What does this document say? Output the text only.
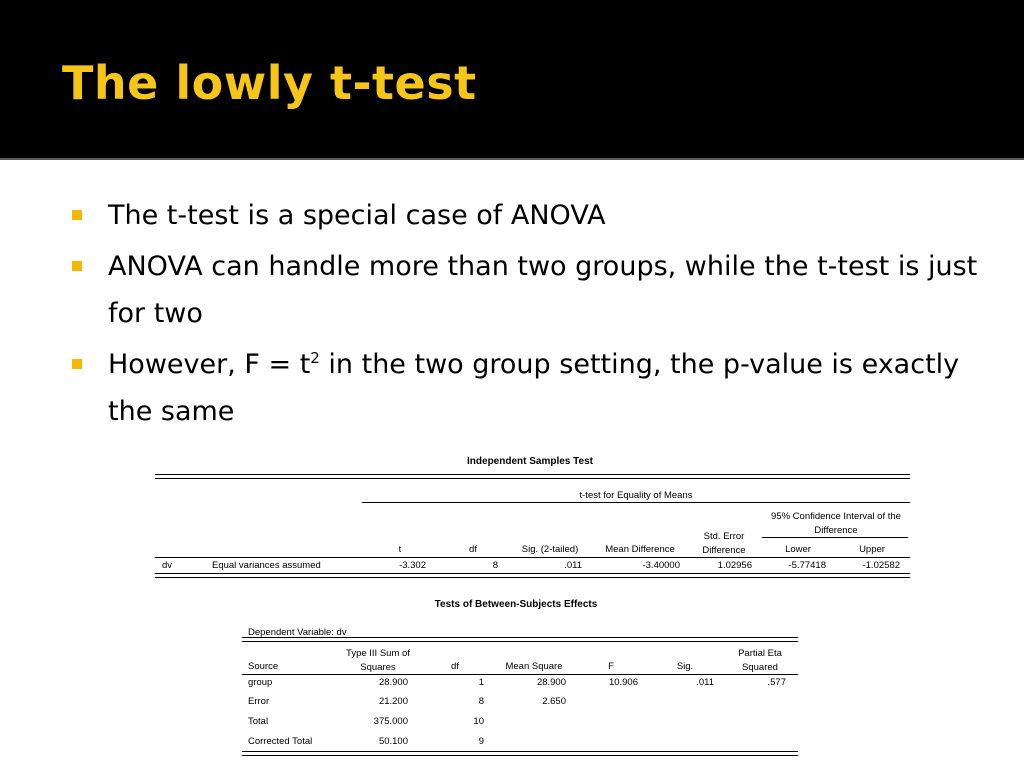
The lowly t-test
The t-test is a special case of ANOVA
ANOVA can handle more than two groups, while the t-test is just for two
However, $F = t^2$ in the two group setting, the p-value is exactly the same
Independent Samples Test
t-test for Equality of Means
95% Confidence Interval of the Difference
t	df	Sig. (2-tailed)	Mean Difference
Std. Error Difference	Lower	Upper
dv	Equal variances assumed	-3.302	8	.011	-3.40000	1.02956	-5.77418	-1.02582
Tests of Between-Subjects Effects
Dependent Variable: dv
Source
Type III Sum of Squares	df	Mean Square	F	Sig.
Partial Eta Squared
group	28.900	1	28.900	10.906	.011	.577
Error	21.200	8	2.650
Total	375.000	10
Corrected Total	50.100	9
